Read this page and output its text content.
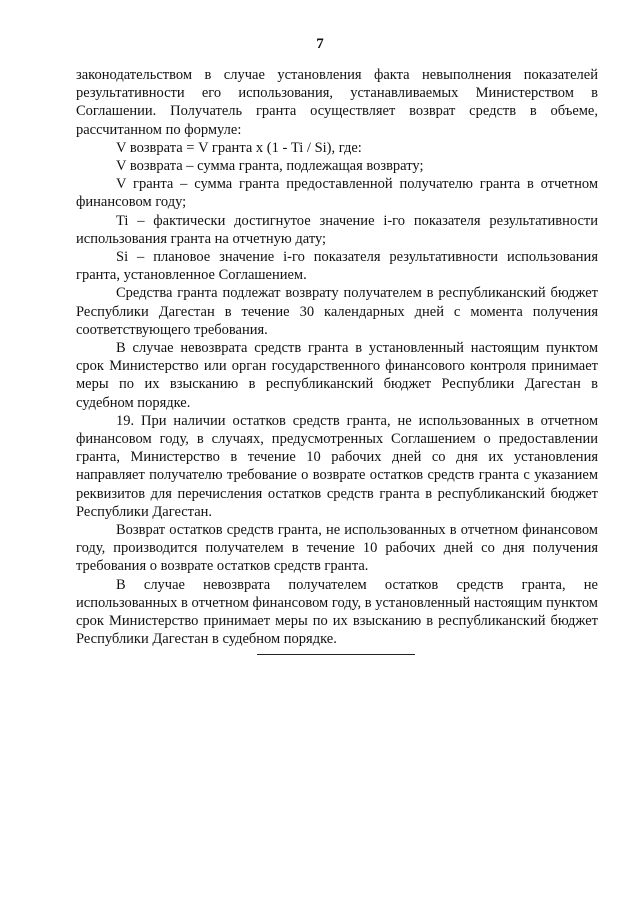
7

законодательством в случае установления факта невыполнения показателей результативности его использования, устанавливаемых Министерством в Соглашении. Получатель гранта осуществляет возврат средств в объеме, рассчитанном по формуле:

V возврата = V гранта х (1 - Ti / Si), где:

V возврата – сумма гранта, подлежащая возврату;

V гранта – сумма гранта предоставленной получателю гранта в отчетном финансовом году;

Ti – фактически достигнутое значение i-го показателя результативности использования гранта на отчетную дату;

Si – плановое значение i-го показателя результативности использования гранта, установленное Соглашением.

Средства гранта подлежат возврату получателем в республиканский бюджет Республики Дагестан в течение 30 календарных дней с момента получения соответствующего требования.

В случае невозврата средств гранта в установленный настоящим пунктом срок Министерство или орган государственного финансового контроля принимает меры по их взысканию в республиканский бюджет Республики Дагестан в судебном порядке.

19. При наличии остатков средств гранта, не использованных в отчетном финансовом году, в случаях, предусмотренных Соглашением о предоставлении гранта, Министерство в течение 10 рабочих дней со дня их установления направляет получателю требование о возврате остатков средств гранта с указанием реквизитов для перечисления остатков средств гранта в республиканский бюджет Республики Дагестан.

Возврат остатков средств гранта, не использованных в отчетном финансовом году, производится получателем в течение 10 рабочих дней со дня получения требования о возврате остатков средств гранта.

В случае невозврата получателем остатков средств гранта, не использованных в отчетном финансовом году, в установленный настоящим пунктом срок Министерство принимает меры по их взысканию в республиканский бюджет Республики Дагестан в судебном порядке.
